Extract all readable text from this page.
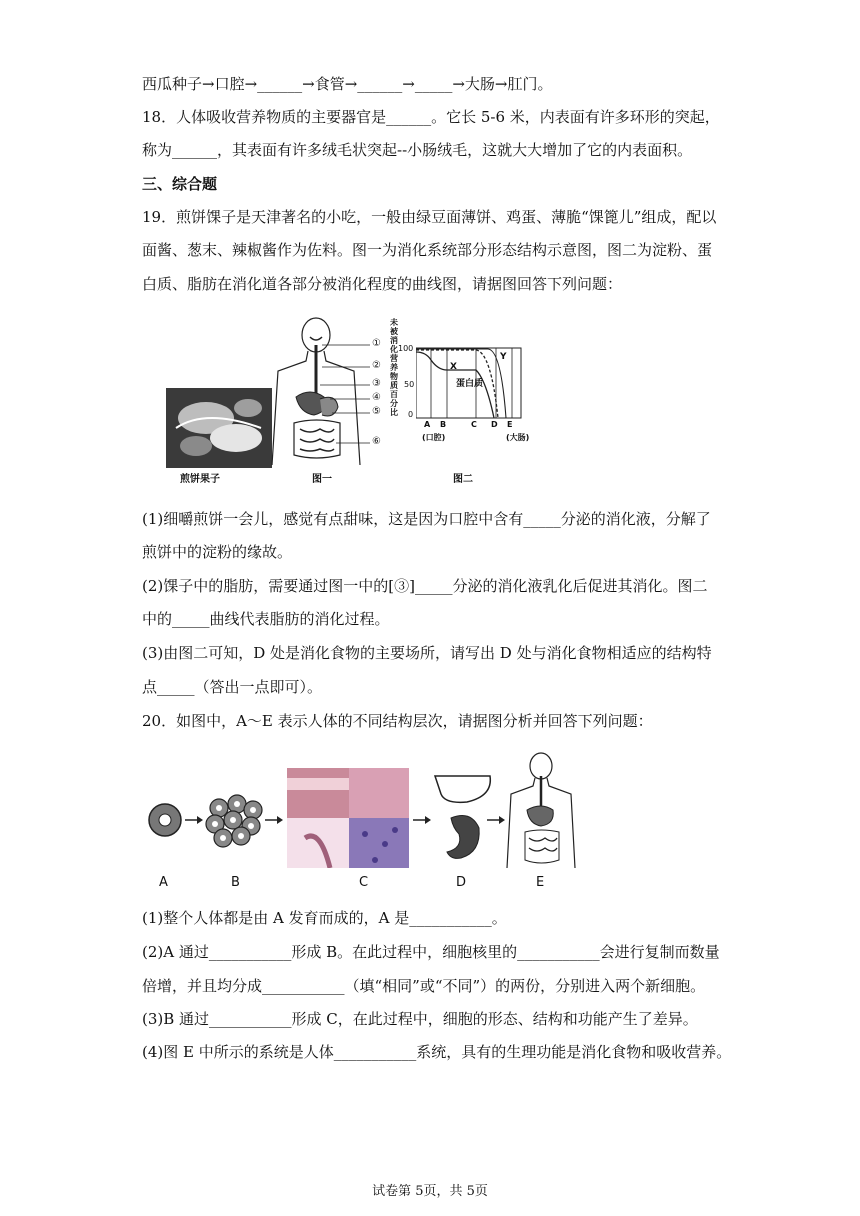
西瓜种子→口腔→______→食管→______→_____→大肠→肛门。
18．人体吸收营养物质的主要器官是______。它长 5-6 米，内表面有许多环形的突起，
称为______，其表面有许多绒毛状突起--小肠绒毛，这就大大增加了它的内表面积。
三、综合题
19．煎饼馃子是天津著名的小吃，一般由绿豆面薄饼、鸡蛋、薄脆“馃篦儿”组成，配以
面酱、葱末、辣椒酱作为佐料。图一为消化系统部分形态结构示意图，图二为淀粉、蛋
白质、脂肪在消化道各部分被消化程度的曲线图，请据图回答下列问题：
煎饼果子
①
②
③
④
⑤
⑥
图一
未
被
消
化
营
养
物
质
百
分
比
100
50
0
X
Y
蛋白质
A B	C D E
(口腔)	(大肠)
图二
(1)细嚼煎饼一会儿，感觉有点甜味，这是因为口腔中含有_____分泌的消化液，分解了
煎饼中的淀粉的缘故。
(2)馃子中的脂肪，需要通过图一中的[③]_____分泌的消化液乳化后促进其消化。图二
中的_____曲线代表脂肪的消化过程。
(3)由图二可知，D 处是消化食物的主要场所，请写出 D 处与消化食物相适应的结构特
点_____（答出一点即可）。
20．如图中，A～E 表示人体的不同结构层次，请据图分析并回答下列问题：
A	B	C	D	E
(1)整个人体都是由 A 发育而成的，A 是___________。
(2)A 通过___________形成 B。在此过程中，细胞核里的___________会进行复制而数量
倍增，并且均分成___________（填“相同”或“不同”）的两份，分别进入两个新细胞。
(3)B 通过___________形成 C，在此过程中，细胞的形态、结构和功能产生了差异。
(4)图 E 中所示的系统是人体___________系统，具有的生理功能是消化食物和吸收营养。
试卷第 5页，共 5页
